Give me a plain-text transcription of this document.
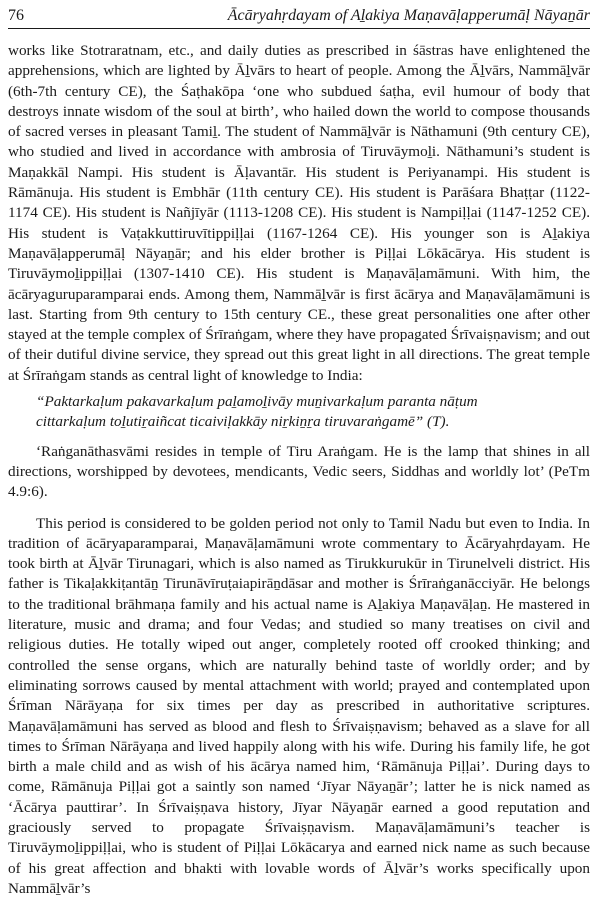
76	Ācāryahṛdayam of Aḻakiya Maṇavāḷapperumāḷ Nāyaṉār

works like Stotraratnam, etc., and daily duties as prescribed in śāstras have enlightened the apprehensions, which are lighted by Āḻvārs to heart of people. Among the Āḻvārs, Nammāḻvār (6th-7th century CE), the Śaṭhakōpa ‘one who subdued śaṭha, evil humour of body that destroys innate wisdom of the soul at birth’, who hailed down the world to compose thousands of sacred verses in pleasant Tamiḻ. The student of Nammāḻvār is Nāthamuni (9th century CE), who studied and lived in accordance with ambrosia of Tiruvāymoḻi. Nāthamuni’s student is Maṇakkāl Nampi. His student is Āḷavantār. His student is Periyanampi. His student is Rāmānuja. His student is Embhār (11th century CE). His student is Parāśara Bhaṭṭar (1122-1174 CE). His student is Nañjīyār (1113-1208 CE). His student is Nampiḷḷai (1147-1252 CE). His student is Vaṭakkuttiruvītippiḷḷai (1167-1264 CE). His younger son is Aḻakiya Maṇavāḷapperumāḷ Nāyaṉār; and his elder brother is Piḷḷai Lōkācārya. His student is Tiruvāymoḻippiḷḷai (1307-1410 CE). His student is Maṇavāḷamāmuni. With him, the ācāryaguruparamparai ends. Among them, Nammāḻvār is first ācārya and Maṇavāḷamāmuni is last. Starting from 9th century to 15th century CE., these great personalities one after other stayed at the temple complex of Śrīraṅgam, where they have propagated Śrīvaiṣṇavism; and out of their dutiful divine service, they spread out this great light in all directions. The great temple at Śrīraṅgam stands as central light of knowledge to India:

“Paktarkaḷum pakavarkaḷum paḻamoḻivāy muṉivarkaḷum paranta nāṭum
cittarkaḷum toḻutiṟaiñcat ticaiviḷakkāy niṟkiṉṟa tiruvaraṅgamē” (T).

‘Raṅganāthasvāmi resides in temple of Tiru Araṅgam. He is the lamp that shines in all directions, worshipped by devotees, mendicants, Vedic seers, Siddhas and worldly lot’ (PeTm 4.9:6).

This period is considered to be golden period not only to Tamil Nadu but even to India. In tradition of ācāryaparamparai, Maṇavāḷamāmuni wrote commentary to Ācāryahṛdayam. He took birth at Āḻvār Tirunagari, which is also named as Tirukkurukūr in Tirunelveli district. His father is Tikaḷakkiṭantāṉ Tirunāvīruṭaiapirāṉdāsar and mother is Śrīraṅganācciyār. He belongs to the traditional brāhmaṇa family and his actual name is Aḻakiya Maṇavāḷaṉ. He mastered in literature, music and drama; and four Vedas; and studied so many treatises on civil and religious duties. He totally wiped out anger, completely rooted off crooked thinking; and controlled the sense organs, which are naturally behind taste of worldly order; and by eliminating sorrows caused by mental attachment with world; prayed and contemplated upon Śrīman Nārāyaṇa for six times per day as prescribed in authoritative scriptures. Maṇavāḷamāmuni has served as blood and flesh to Śrīvaiṣṇavism; behaved as a slave for all times to Śrīman Nārāyaṇa and lived happily along with his wife. During his family life, he got birth a male child and as wish of his ācārya named him, ‘Rāmānuja Piḷḷai’. During days to come, Rāmānuja Piḷḷai got a saintly son named ‘Jīyar Nāyaṉār’; latter he is nick named as ‘Ācārya pauttirar’. In Śrīvaiṣṇava history, Jīyar Nāyaṉār earned a good reputation and graciously served to propagate Śrīvaiṣṇavism. Maṇavāḷamāmuni’s teacher is Tiruvāymoḻippiḷḷai, who is student of Piḷḷai Lōkācarya and earned nick name as such because of his great affection and bhakti with lovable words of Āḻvār’s works specifically upon Nammāḻvār’s
